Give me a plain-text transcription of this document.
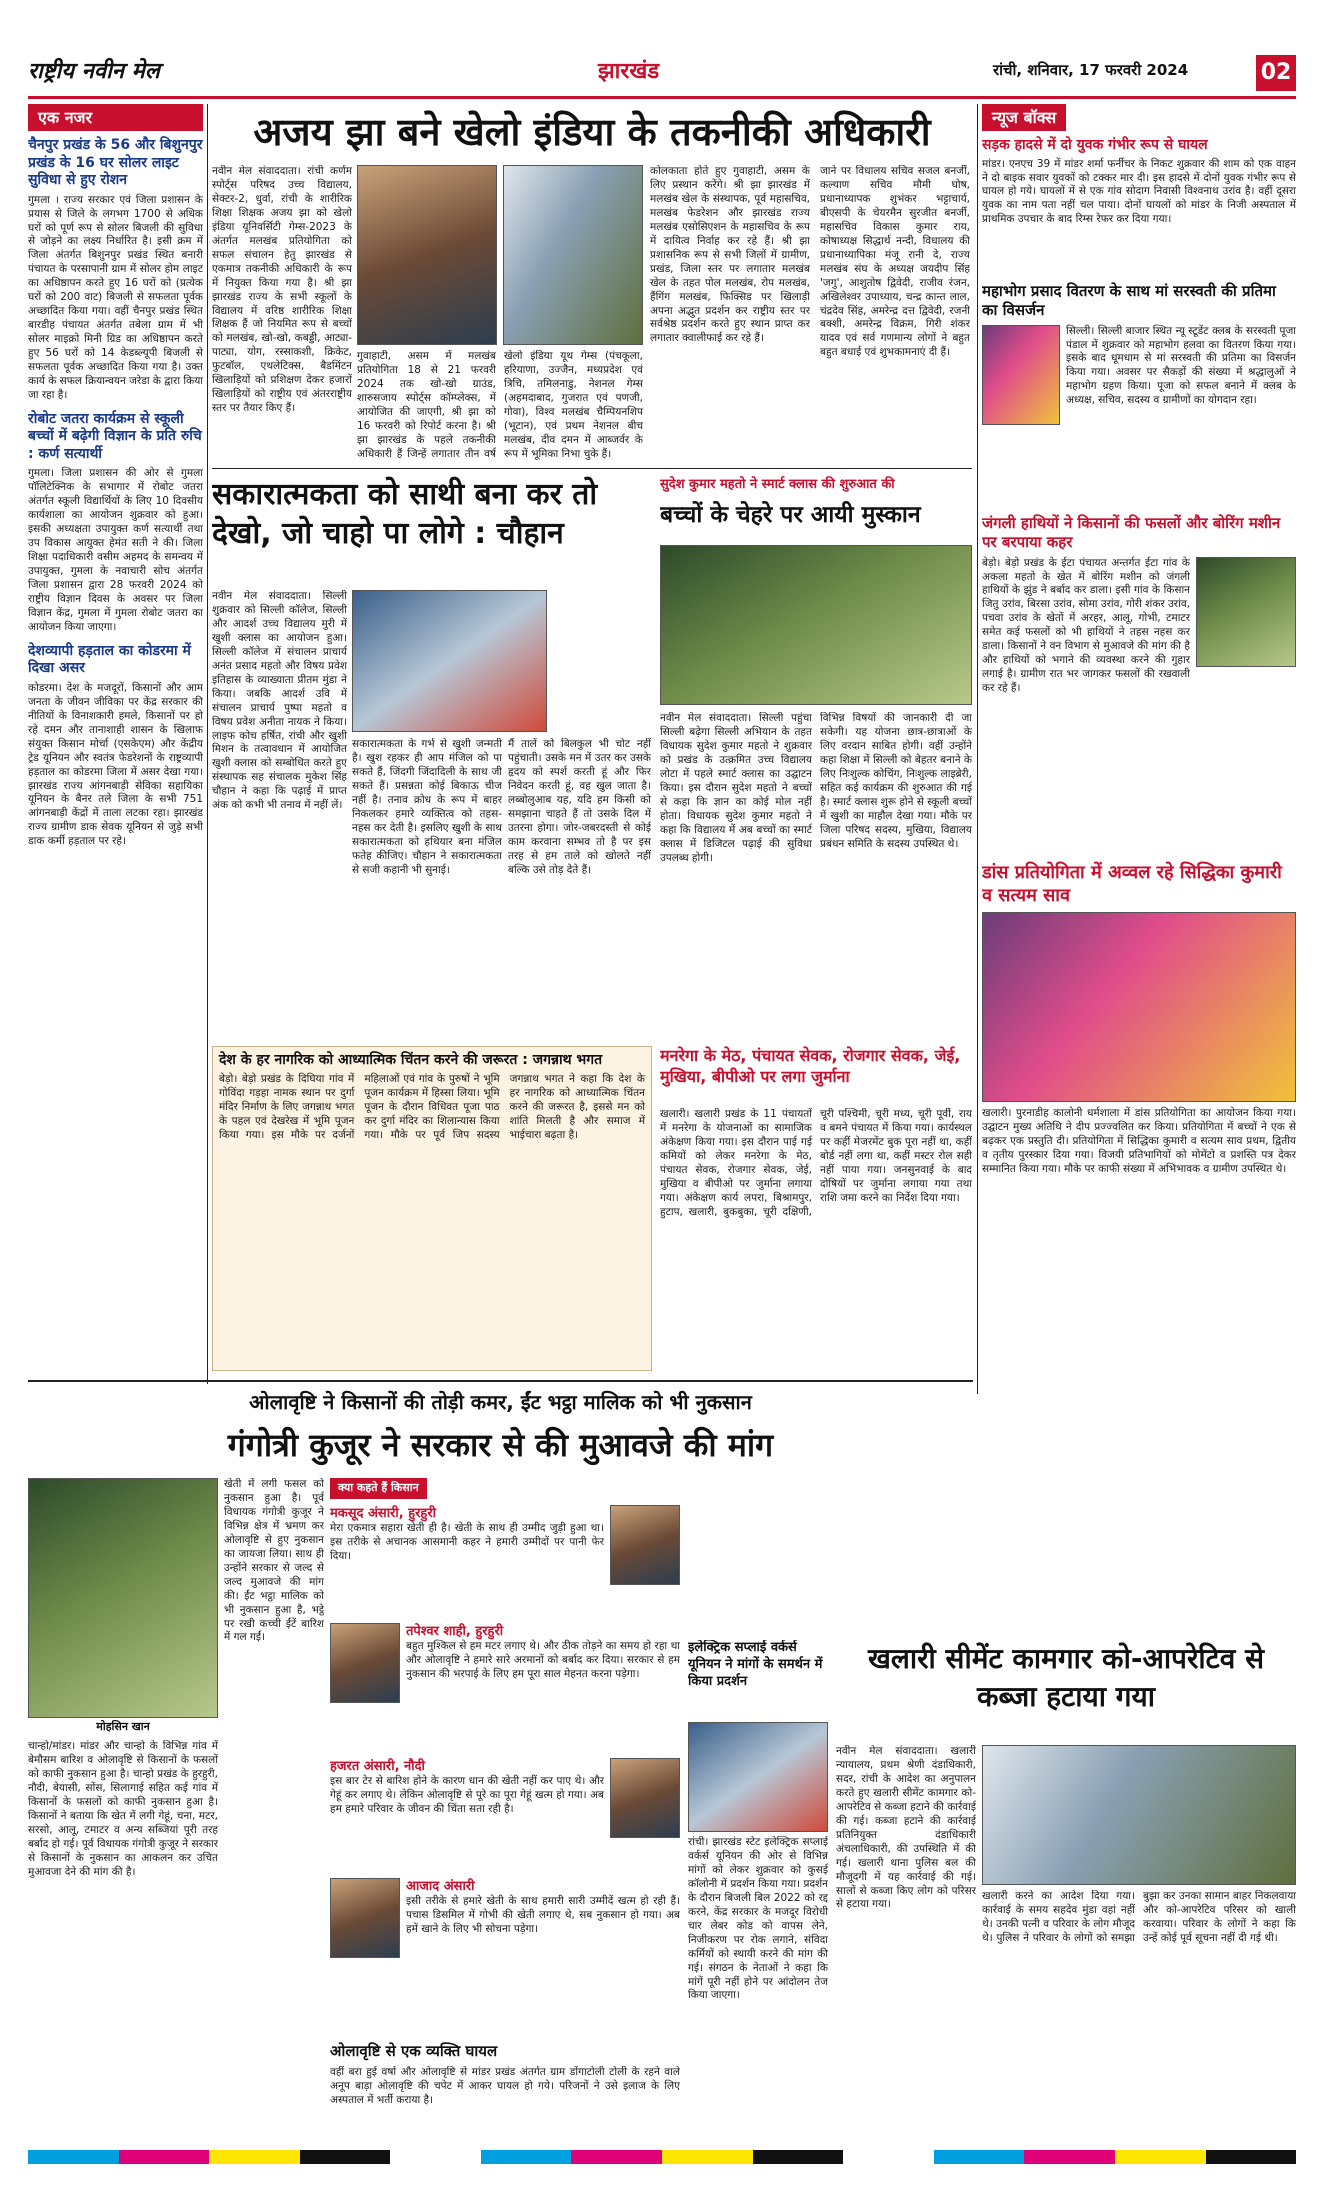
राष्ट्रीय नवीन मेल	झारखंड	रांची, शनिवार, 17 फरवरी 2024	02
एक नजर
चैनपुर प्रखंड के 56 और बिशुनपुर प्रखंड के 16 घर सोलर लाइट सुविधा से हुए रोशन
गुमला । राज्य सरकार एवं जिला प्रशासन के प्रयास से जिले के लगभग 1700 से अधिक घरों को पूर्ण रूप से सोलर बिजली की सुविधा से जोड़ने का लक्ष्य निर्धारित है। इसी क्रम में जिला अंतर्गत बिशुनपुर प्रखंड स्थित बनारी पंचायत के परसापानी ग्राम में सोलर होम लाइट का अधिष्ठापन करते हुए 16 घरों को (प्रत्येक घरों को 200 वाट) बिजली से सफलता पूर्वक अच्छादित किया गया। वहीं चैनपुर प्रखंड स्थित बारडीह पंचायत अंतर्गत तबेला ग्राम में भी सोलर माइक्रो मिनी ग्रिड का अधिष्ठापन करते हुए 56 घरों को 14 केडब्ल्यूपी बिजली से सफलता पूर्वक अच्छादित किया गया है। उक्त कार्य के सफल क्रियान्वयन जरेडा के द्वारा किया जा रहा है।
रोबोट जतरा कार्यक्रम से स्कूली बच्चों में बढ़ेगी विज्ञान के प्रति रुचि : कर्ण सत्यार्थी
गुमला। जिला प्रशासन की ओर से गुमला पॉलिटेक्निक के सभागार में रोबोट जतरा अंतर्गत स्कूली विद्यार्थियों के लिए 10 दिवसीय कार्यशाला का आयोजन शुक्रवार को हुआ। इसकी अध्यक्षता उपायुक्त कर्ण सत्यार्थी तथा उप विकास आयुक्त हेमंत सती ने की। जिला शिक्षा पदाधिकारी वसीम अहमद के समन्वय में उपायुक्त, गुमला के नवाचारी सोच अंतर्गत जिला प्रशासन द्वारा 28 फरवरी 2024 को राष्ट्रीय विज्ञान दिवस के अवसर पर जिला विज्ञान केंद्र, गुमला में गुमला रोबोट जतरा का आयोजन किया जाएगा।
देशव्यापी हड़ताल का कोडरमा में दिखा असर
कोडरमा। देश के मजदूरों, किसानों और आम जनता के जीवन जीविका पर केंद्र सरकार की नीतियों के विनाशकारी हमले, किसानों पर हो रहे दमन और तानाशाही शासन के खिलाफ संयुक्त किसान मोर्चा (एसकेएम) और केंद्रीय ट्रेड यूनियन और स्वतंत्र फेडरेशनों के राष्ट्रव्यापी हड़ताल का कोडरमा जिला में असर देखा गया। झारखंड राज्य आंगनबाड़ी सेविका सहायिका यूनियन के बैनर तले जिला के सभी 751 आंगनबाड़ी केंद्रों में ताला लटका रहा। झारखंड राज्य ग्रामीण डाक सेवक यूनियन से जुड़े सभी डाक कर्मी हड़ताल पर रहे।
अजय झा बने खेलो इंडिया के तकनीकी अधिकारी
नवीन मेल संवाददाता। रांची कर्णम स्पोर्ट्स परिषद उच्च विद्यालय, सेक्टर-2, धुर्वा, रांची के शारीरिक शिक्षा शिक्षक अजय झा को खेलो इंडिया यूनिवर्सिटी गेम्स-2023 के अंतर्गत मलखंब प्रतियोगिता को सफल संचालन हेतु झारखंड से एकमात्र तकनीकी अधिकारी के रूप में नियुक्त किया गया है। श्री झा झारखंड राज्य के सभी स्कूलों के विद्यालय में वरिष्ठ शारीरिक शिक्षा शिक्षक हैं जो नियमित रूप से बच्चों को मलखंब, खो-खो, कबड्डी, आट्या-पाट्या, योग, रस्साकशी, क्रिकेट, फुटबॉल, एथलेटिक्स, बैडमिंटन खिलाड़ियों को प्रशिक्षण देकर हजारों खिलाड़ियों को राष्ट्रीय एवं अंतरराष्ट्रीय स्तर पर तैयार किए हैं।
गुवाहाटी, असम में मलखंब प्रतियोगिता 18 से 21 फरवरी 2024 तक खो-खो ग्राउंड, शारुसजाय स्पोर्ट्स कॉम्प्लेक्स, में आयोजित की जाएगी, श्री झा को 16 फरवरी को रिपोर्ट करना है। श्री झा झारखंड के पहले तकनीकी अधिकारी हैं जिन्हें लगातार तीन वर्ष खेलो इंडिया यूथ गेम्स (पंचकूला, हरियाणा, उज्जैन, मध्यप्रदेश एवं त्रिचि, तमिलनाडु, नेशनल गेम्स (अहमदाबाद, गुजरात एवं पणजी, गोवा), विश्व मलखंब चैम्पियनशिप (भूटान), एवं प्रथम नेशनल बीच मलखंब, दीव दमन में आब्जर्वर के रूप में भूमिका निभा चुके हैं।
कोलकाता होते हुए गुवाहाटी, असम के लिए प्रस्थान करेंगे। श्री झा झारखंड में मलखंब खेल के संस्थापक, पूर्व महासचिव, मलखंब फेडरेशन और झारखंड राज्य मलखंब एसोसिएशन के महासचिव के रूप में दायित्व निर्वाह कर रहे हैं। श्री झा प्रशासनिक रूप से सभी जिलों में ग्रामीण, प्रखंड, जिला स्तर पर लगातार मलखंब खेल के तहत पोल मलखंब, रोप मलखंब, हैंगिंग मलखंब, फिक्सिड पर खिलाड़ी अपना अद्भुत प्रदर्शन कर राष्ट्रीय स्तर पर सर्वश्रेष्ठ प्रदर्शन करते हुए स्थान प्राप्त कर लगातार क्वालीफाई कर रहे हैं।
जाने पर विधालय सचिव सजल बनर्जी, कल्याण सचिव मौमी घोष, प्रधानाध्यापक शुभंकर भट्टाचार्य, बीएसपी के चेयरमैन सुरजीत बनर्जी, महासचिव विकास कुमार राय, कोषाध्यक्ष सिद्धार्थ नन्दी, विधालय की प्रधानाध्यापिका मंजू रानी दे, राज्य मलखंब संघ के अध्यक्ष जयदीप सिंह 'जगु', आशुतोष द्विवेदी, राजीव रंजन, अखिलेश्वर उपाध्याय, चन्द्र कान्त लाल, चंद्रदेव सिंह, अमरेन्द्र दत्त द्विवेदी, रजनी बक्शी, अमरेन्द्र विक्रम, गिरी शंकर यादव एवं सर्व गणमान्य लोगों ने बहुत बहुत बधाई एवं शुभकामनाएं दी हैं।
सकारात्मकता को साथी बना कर तो देखो, जो चाहो पा लोगे : चौहान
नवीन मेल संवाददाता। सिल्ली शुक्रवार को सिल्ली कॉलेज, सिल्ली और आदर्श उच्च विद्यालय मुरी में खुशी क्लास का आयोजन हुआ। सिल्ली कॉलेज में संचालन प्राचार्य अनंत प्रसाद महतो और विषय प्रवेश इतिहास के व्याख्याता प्रीतम मुंडा ने किया। जबकि आदर्श उवि में संचालन प्राचार्य पुष्पा महतो व विषय प्रवेश अनीता नायक ने किया। लाइफ कोच हर्षित, रांची और खुशी मिशन के तत्वावधान में आयोजित खुशी क्लास को सम्बोधित करते हुए संस्थापक सह संचालक मुकेश सिंह चौहान ने कहा कि पढ़ाई में प्राप्त अंक को कभी भी तनाव में नहीं लें।
सकारात्मकता के गर्भ से खुशी जन्मती है। खुश रहकर ही आप मंजिल को पा सकते हैं, जिंदगी जिंदादिली के साथ जी सकते हैं। प्रसन्नता कोई बिकाऊ चीज नहीं है। तनाव क्रोध के रूप में बाहर निकलकर हमारे व्यक्तित्व को तहस-नहस कर देती है। इसलिए खुशी के साथ सकारात्मकता को हथियार बना मंजिल फतेह कीजिए। चौहान ने सकारात्मकता से सजी कहानी भी सुनाई।
मैं तालें को बिलकुल भी चोट नहीं पहुंचाती। उसके मन में उतर कर उसके हृदय को स्पर्श करती हूं और फिर निवेदन करती हूं, वह खुल जाता है। लब्बोलुआब यह, यदि हम किसी को समझाना चाहते हैं तो उसके दिल में उतरना होगा। जोर-जबरदस्ती से कोई काम करवाना सम्भव तो है पर इस तरह से हम ताले को खोलते नहीं बल्कि उसे तोड़ देते हैं।
सुदेश कुमार महतो ने स्मार्ट क्लास की शुरुआत की
बच्चों के चेहरे पर आयी मुस्कान
नवीन मेल संवाददाता। सिल्ली पहुंचा सिल्ली बढ़ेगा सिल्ली अभियान के तहत विधायक सुदेश कुमार महतो ने शुक्रवार को प्रखंड के उत्क्रमित उच्च विद्यालय लोटा में पहले स्मार्ट क्लास का उद्घाटन किया। इस दौरान सुदेश महतो ने बच्चों से कहा कि ज्ञान का कोई मोल नहीं होता। विधायक सुदेश कुमार महतो ने कहा कि विद्यालय में अब बच्चों का स्मार्ट क्लास में डिजिटल पढ़ाई की सुविधा उपलब्ध होगी।
विभिन्न विषयों की जानकारी दी जा सकेगी। यह योजना छात्र-छात्राओं के लिए वरदान साबित होगी। वहीं उन्होंने कहा शिक्षा में सिल्ली को बेहतर बनाने के लिए निःशुल्क कोचिंग, निःशुल्क लाइब्रेरी, सहित कई कार्यक्रम की शुरुआत की गई है। स्मार्ट क्लास शुरू होने से स्कूली बच्चों में खुशी का माहौल देखा गया। मौके पर जिला परिषद सदस्य, मुखिया, विद्यालय प्रबंधन समिति के सदस्य उपस्थित थे।
देश के हर नागरिक को आध्यात्मिक चिंतन करने की जरूरत : जगन्नाथ भगत
बेड़ो। बेड़ो प्रखंड के दिघिया गांव में गोविंदा गड़हा नामक स्थान पर दुर्गा मंदिर निर्माण के लिए जगन्नाथ भगत के पहल एवं देखरेख में भूमि पूजन किया गया। इस मौके पर दर्जनों महिलाओं एवं गांव के पुरुषों ने भूमि पूजन कार्यक्रम में हिस्सा लिया। भूमि पूजन के दौरान विधिवत पूजा पाठ कर दुर्गा मंदिर का शिलान्यास किया गया। मौके पर पूर्व जिप सदस्य जगन्नाथ भगत ने कहा कि देश के हर नागरिक को आध्यात्मिक चिंतन करने की जरूरत है, इससे मन को शांति मिलती है और समाज में भाईचारा बढ़ता है।
मनरेगा के मेठ, पंचायत सेवक, रोजगार सेवक, जेई, मुखिया, बीपीओ पर लगा जुर्माना
खलारी। खलारी प्रखंड के 11 पंचायतों में मनरेगा के योजनाओं का सामाजिक अंकेक्षण किया गया। इस दौरान पाई गई कमियों को लेकर मनरेगा के मेठ, पंचायत सेवक, रोजगार सेवक, जेई, मुखिया व बीपीओ पर जुर्माना लगाया गया। अंकेक्षण कार्य लपरा, बिश्रामपुर, हुटाप, खलारी, बुकबुका, चूरी दक्षिणी, चूरी पश्चिमी, चूरी मध्य, चूरी पूर्वी, राय व बमने पंचायत में किया गया। कार्यस्थल पर कहीं मेजरमेंट बुक पूरा नहीं था, कहीं बोर्ड नहीं लगा था, कहीं मस्टर रोल सही नहीं पाया गया। जनसुनवाई के बाद दोषियों पर जुर्माना लगाया गया तथा राशि जमा करने का निर्देश दिया गया।
न्यूज बॉक्स
सड़क हादसे में दो युवक गंभीर रूप से घायल
मांडर। एनएच 39 में मांडर शर्मा फर्नीचर के निकट शुक्रवार की शाम को एक वाहन ने दो बाइक सवार युवकों को टक्कर मार दी। इस हादसे में दोनों युवक गंभीर रूप से घायल हो गये। घायलों में से एक गांव सोदाग निवासी विश्वनाथ उरांव है। वहीं दूसरा युवक का नाम पता नहीं चल पाया। दोनों घायलों को मांडर के निजी अस्पताल में प्राथमिक उपचार के बाद रिम्स रेफर कर दिया गया।
महाभोग प्रसाद वितरण के साथ मां सरस्वती की प्रतिमा का विसर्जन
सिल्ली। सिल्ली बाजार स्थित न्यू स्टूडेंट क्लब के सरस्वती पूजा पंडाल में शुक्रवार को महाभोग हलवा का वितरण किया गया। इसके बाद धूमधाम से मां सरस्वती की प्रतिमा का विसर्जन किया गया। अवसर पर सैकड़ों की संख्या में श्रद्धालुओं ने महाभोग ग्रहण किया। पूजा को सफल बनाने में क्लब के अध्यक्ष, सचिव, सदस्य व ग्रामीणों का योगदान रहा।
जंगली हाथियों ने किसानों की फसलों और बोरिंग मशीन पर बरपाया कहर
बेड़ो। बेड़ो प्रखंड के ईटा पंचायत अन्तर्गत ईटा गांव के अकला महतो के खेत में बोरिंग मशीन को जंगली हाथियों के झुंड ने बर्बाद कर डाला। इसी गांव के किसान जितु उरांव, बिरसा उरांव, सोमा उरांव, गोरी शंकर उरांव, पचवा उरांव के खेतों में अरहर, आलू, गोभी, टमाटर समेत कई फसलों को भी हाथियों ने तहस नहस कर डाला। किसानों ने वन विभाग से मुआवजे की मांग की है और हाथियों को भगाने की व्यवस्था करने की गुहार लगाई है। ग्रामीण रात भर जागकर फसलों की रखवाली कर रहे हैं।
डांस प्रतियोगिता में अव्वल रहे सिद्धिका कुमारी व सत्यम साव
खलारी। पुरनाडीह कालोनी धर्मशाला में डांस प्रतियोगिता का आयोजन किया गया। उद्घाटन मुख्य अतिथि ने दीप प्रज्ज्वलित कर किया। प्रतियोगिता में बच्चों ने एक से बढ़कर एक प्रस्तुति दी। प्रतियोगिता में सिद्धिका कुमारी व सत्यम साव प्रथम, द्वितीय व तृतीय पुरस्कार दिया गया। विजयी प्रतिभागियों को मोमेंटो व प्रशस्ति पत्र देकर सम्मानित किया गया। मौके पर काफी संख्या में अभिभावक व ग्रामीण उपस्थित थे।
ओलावृष्टि ने किसानों की तोड़ी कमर, ईंट भट्ठा मालिक को भी नुकसान
गंगोत्री कुजूर ने सरकार से की मुआवजे की मांग
मोहसिन खान
चान्हो/मांडर। मांडर और चान्हो के विभिन्न गांव में बेमौसम बारिश व ओलावृष्टि से किसानों के फसलों को काफी नुकसान हुआ है। चान्हो प्रखंड के हुरहुरी, नौदी, बेयासी, सोंस, सिलागाई सहित कई गांव में किसानों के फसलों को काफी नुकसान हुआ है। किसानों ने बताया कि खेत में लगी गेहूं, चना, मटर, सरसो, आलू, टमाटर व अन्य सब्जियां पूरी तरह बर्बाद हो गई। पूर्व विधायक गंगोत्री कुजूर ने सरकार से किसानों के नुकसान का आकलन कर उचित मुआवजा देने की मांग की है।
खेती में लगी फसल को नुकसान हुआ है। पूर्व विधायक गंगोत्री कुजूर ने विभिन्न क्षेत्र में भ्रमण कर ओलावृष्टि से हुए नुकसान का जायजा लिया। साथ ही उन्होंने सरकार से जल्द से जल्द मुआवजे की मांग की। ईंट भट्ठा मालिक को भी नुकसान हुआ है, भट्ठे पर रखी कच्ची ईंटें बारिश में गल गईं।
क्या कहते हैं किसान
मकसूद अंसारी, हुरहुरी
मेरा एकमात्र सहारा खेती ही है। खेती के साथ ही उम्मीद जुड़ी हुआ था। इस तरीके से अचानक आसमानी कहर ने हमारी उम्मीदों पर पानी फेर दिया।
तपेश्वर शाही, हुरहुरी
बहुत मुश्किल से हम मटर लगाए थे। और ठीक तोड़ने का समय हो रहा था और ओलावृष्टि ने हमारे सारे अरमानों को बर्बाद कर दिया। सरकार से हम नुकसान की भरपाई के लिए हम पूरा साल मेहनत करना पड़ेगा।
हजरत अंसारी, नौदी
इस बार टेर से बारिश होने के कारण धान की खेती नहीं कर पाए थे। और गेहूं कर लगाए थे। लेकिन ओलावृष्टि से पूरे का पूरा गेहूं खत्म हो गया। अब हम हमारे परिवार के जीवन की चिंता सता रही है।
आजाद अंसारी
इसी तरीके से हमारे खेती के साथ हमारी सारी उम्मीदें खत्म हो रही हैं। पचास डिसमिल में गोभी की खेती लगाए थे, सब नुकसान हो गया। अब हमें खाने के लिए भी सोचना पड़ेगा।
ओलावृष्टि से एक व्यक्ति घायल
वहीं बरा हुई वर्षा और ओलावृष्टि से मांडर प्रखंड अंतर्गत ग्राम डोंगाटोली टोली के रहने वाले अनूप बाड़ा ओलावृष्टि की चपेट में आकर घायल हो गये। परिजनों ने उसे इलाज के लिए अस्पताल में भर्ती कराया है।
इलेक्ट्रिक सप्लाई वर्कर्स यूनियन ने मांगों के समर्थन में किया प्रदर्शन
रांची। झारखंड स्टेट इलेक्ट्रिक सप्लाई वर्कर्स यूनियन की ओर से विभिन्न मांगों को लेकर शुक्रवार को कुसई कॉलोनी में प्रदर्शन किया गया। प्रदर्शन के दौरान बिजली बिल 2022 को रद्द करने, केंद्र सरकार के मजदूर विरोधी चार लेबर कोड को वापस लेने, निजीकरण पर रोक लगाने, संविदा कर्मियों को स्थायी करने की मांग की गई। संगठन के नेताओं ने कहा कि मांगें पूरी नहीं होने पर आंदोलन तेज किया जाएगा।
खलारी सीमेंट कामगार को-आपरेटिव से कब्जा हटाया गया
नवीन मेल संवाददाता। खलारी न्यायालय, प्रथम श्रेणी दंडाधिकारी, सदर, रांची के आदेश का अनुपालन करते हुए खलारी सीमेंट कामगार को-आपरेटिव से कब्जा हटाने की कार्रवाई की गई। कब्जा हटाने की कार्रवाई प्रतिनियुक्त दंडाधिकारी अंचलाधिकारी, की उपस्थिति में की गई। खलारी थाना पुलिस बल की मौजूदगी में यह कार्रवाई की गई। सालों से कब्जा किए लोग को परिसर से हटाया गया।
खलारी करने का आदेश दिया गया। कार्रवाई के समय सहदेव मुंडा वहां नहीं थे। उनकी पत्नी व परिवार के लोग मौजूद थे। पुलिस ने परिवार के लोगों को समझा बुझा कर उनका सामान बाहर निकलवाया और को-आपरेटिव परिसर को खाली करवाया। परिवार के लोगों ने कहा कि उन्हें कोई पूर्व सूचना नहीं दी गई थी।
